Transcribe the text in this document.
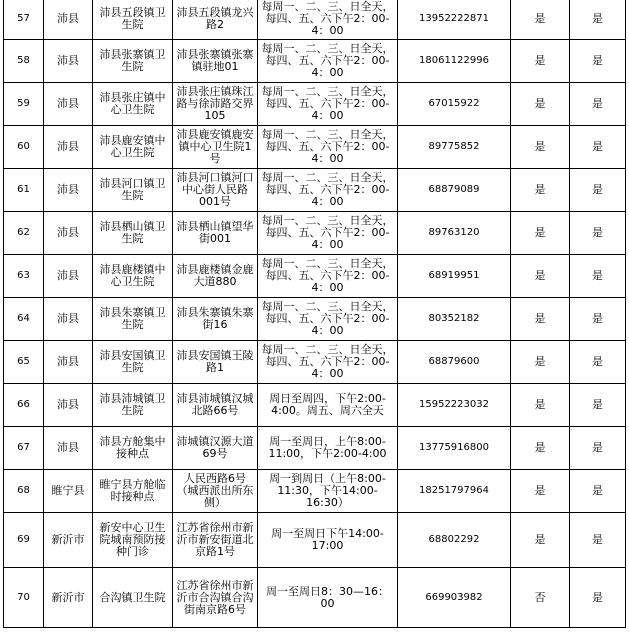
57	沛县	沛县五段镇卫生院	沛县五段镇龙兴路2	每周一、二、三、日全天，每四、五、六下午2：00-4：00	13952222871	是	是
58	沛县	沛县张寨镇卫生院	沛县张寨镇张寨镇驻地01	每周一、二、三、日全天，每四、五、六下午2：00-4：00	18061122996	是	是
59	沛县	沛县张庄镇中心卫生院	沛县张庄镇珠江路与徐沛路交界105	每周一、二、三、日全天，每四、五、六下午2：00-4：00	67015922	是	是
60	沛县	沛县鹿安镇中心卫生院	沛县鹿安镇鹿安镇中心卫生院1号	每周一、二、三、日全天，每四、五、六下午2：00-4：00	89775852	是	是
61	沛县	沛县河口镇卫生院	沛县河口镇河口中心街人民路001号	每周一、二、三、日全天，每四、五、六下午2：00-4：00	68879089	是	是
62	沛县	沛县栖山镇卫生院	沛县栖山镇望华街001	每周一、二、三、日全天，每四、五、六下午2：00-4：00	89763120	是	是
63	沛县	沛县鹿楼镇中心卫生院	沛县鹿楼镇金鹿大道880	每周一、二、三、日全天，每四、五、六下午2：00-4：00	68919951	是	是
64	沛县	沛县朱寨镇卫生院	沛县朱寨镇朱寨街16	每周一、二、三、日全天，每四、五、六下午2：00-4：00	80352182	是	是
65	沛县	沛县安国镇卫生院	沛县安国镇王陵路1	每周一、二、三、日全天，每四、五、六下午2：00-4：00	68879600	是	是
66	沛县	沛县沛城镇卫生院	沛县沛城镇汉城北路66号	周日至周四，下午2:00-4:00。周五、周六全天	15952223032	是	是
67	沛县	沛县方舱集中接种点	沛城镇汉源大道69号	周一至周日，上午8:00-11:00，下午2:00-4:00	13775916800	是	是
68	睢宁县	睢宁县方舱临时接种点	人民西路6号（城西派出所东侧）	周一到周日（上午8:00-11:30，下午14:00-16:30）	18251797964	是	是
69	新沂市	新安中心卫生院城南预防接种门诊	江苏省徐州市新沂市新安街道北京路1号	周一至周日下午14:00-17:00	68802292	是	是
70	新沂市	合沟镇卫生院	江苏省徐州市新沂市合沟镇合沟街南京路6号	周一至周日8：30—16：00	669903982	否	是
